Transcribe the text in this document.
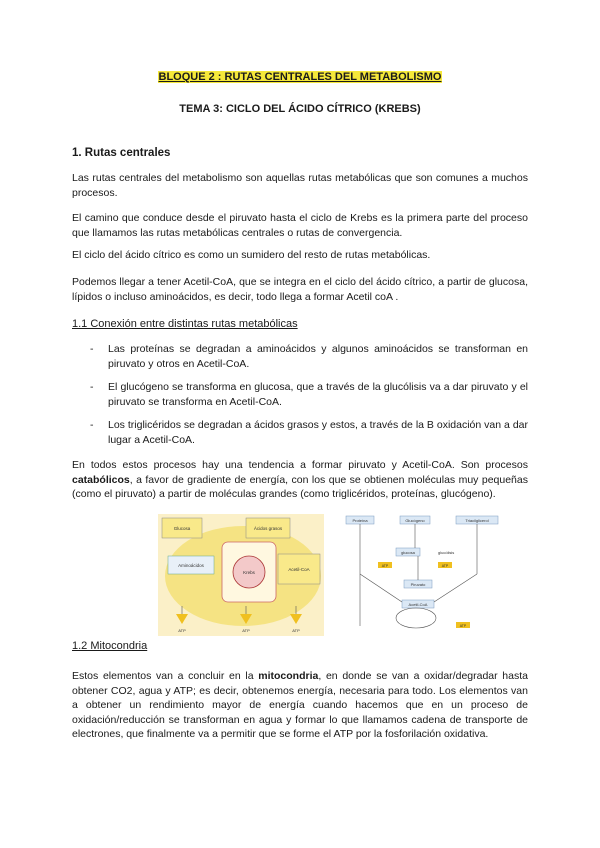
BLOQUE 2 : RUTAS CENTRALES DEL METABOLISMO
TEMA 3: CICLO DEL ÁCIDO CÍTRICO (KREBS)
1. Rutas centrales

Las rutas centrales del metabolismo son aquellas rutas metabólicas que son comunes a muchos procesos.

El camino que conduce desde el piruvato hasta el ciclo de Krebs es la primera parte del proceso que llamamos las rutas metabólicas centrales o rutas de convergencia.

El ciclo del ácido cítrico es como un sumidero del resto de rutas metabólicas.

Podemos llegar a tener Acetil-CoA, que se integra en el ciclo del ácido cítrico, a partir de glucosa, lípidos o incluso aminoácidos, es decir, todo llega a formar Acetil coA .

1.1 Conexión entre distintas rutas metabólicas
- Las proteínas se degradan a aminoácidos y algunos aminoácidos se transforman en piruvato y otros en Acetil-CoA.
- El glucógeno se transforma en glucosa, que a través de la glucólisis va a dar piruvato y el piruvato se transforma en Acetil-CoA.
- Los triglicéridos se degradan a ácidos grasos y estos, a través de la B oxidación van a dar lugar a Acetil-CoA.

En todos estos procesos hay una tendencia a formar piruvato y Acetil-CoA. Son procesos catabólicos, a favor de gradiente de energía, con los que se obtienen moléculas muy pequeñas (como el piruvato) a partir de moléculas grandes (como triglicéridos, proteínas, glucógeno).

Glucosa	Ácidos grasos
Aminoácidos
Acetil-CoA
Krebs
ATP	ATP	ATP
Proteína	Glucógeno	Triacilglicerol
glucosa	glucólisis
Piruvato
Acetil-CoA
ATP	ATP
ATP
1.2 Mitocondria

Estos elementos van a concluir en la mitocondria, en donde se van a oxidar/degradar hasta obtener CO2, agua y ATP; es decir, obtenemos energía, necesaria para todo. Los elementos van a obtener un rendimiento mayor de energía cuando hacemos que en un proceso de oxidación/reducción se transforman en agua y formar lo que llamamos cadena de transporte de electrones, que finalmente va a permitir que se forme el ATP por la fosforilación oxidativa.
